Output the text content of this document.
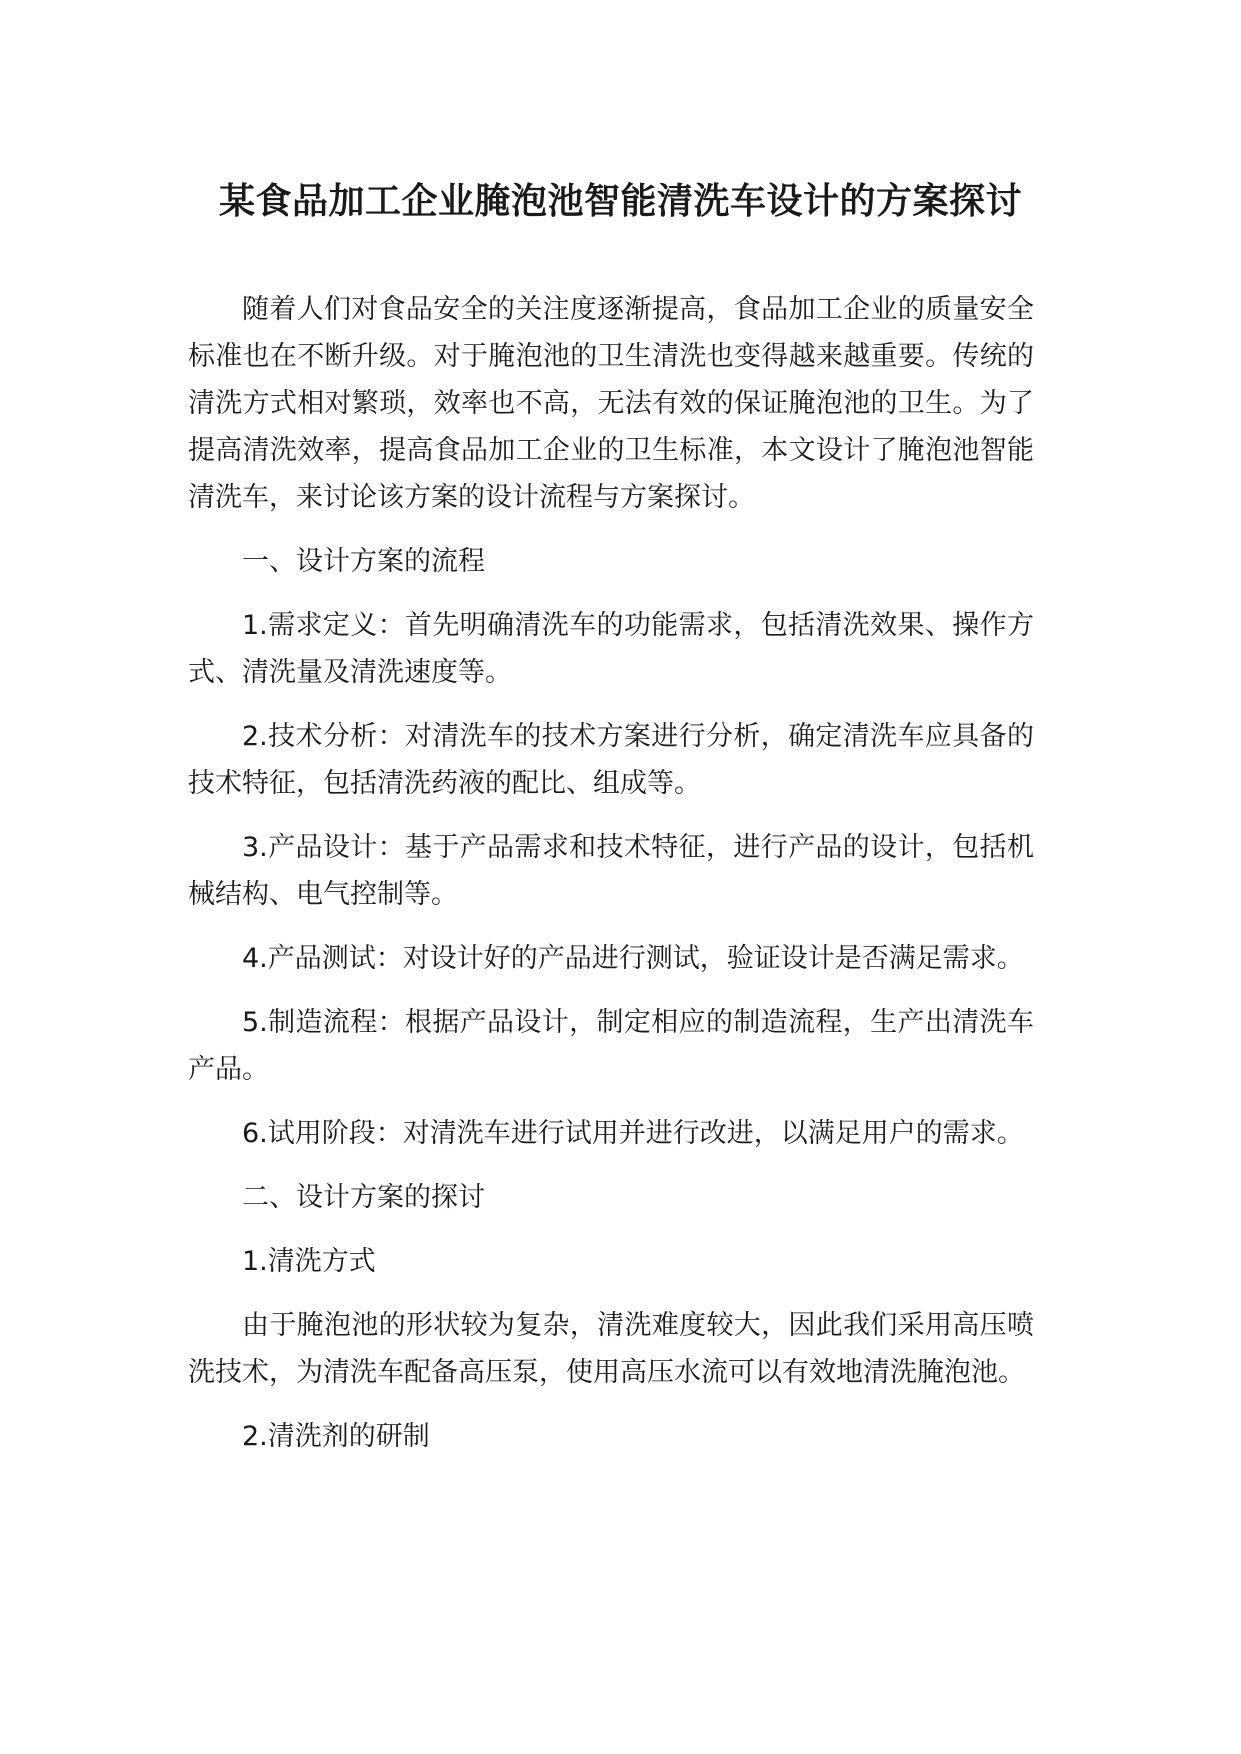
某食品加工企业腌泡池智能清洗车设计的方案探讨

随着人们对食品安全的关注度逐渐提高，食品加工企业的质量安全标准也在不断升级。对于腌泡池的卫生清洗也变得越来越重要。传统的清洗方式相对繁琐，效率也不高，无法有效的保证腌泡池的卫生。为了提高清洗效率，提高食品加工企业的卫生标准，本文设计了腌泡池智能清洗车，来讨论该方案的设计流程与方案探讨。

一、设计方案的流程

1.需求定义：首先明确清洗车的功能需求，包括清洗效果、操作方式、清洗量及清洗速度等。

2.技术分析：对清洗车的技术方案进行分析，确定清洗车应具备的技术特征，包括清洗药液的配比、组成等。

3.产品设计：基于产品需求和技术特征，进行产品的设计，包括机械结构、电气控制等。

4.产品测试：对设计好的产品进行测试，验证设计是否满足需求。

5.制造流程：根据产品设计，制定相应的制造流程，生产出清洗车产品。

6.试用阶段：对清洗车进行试用并进行改进，以满足用户的需求。

二、设计方案的探讨

1.清洗方式

由于腌泡池的形状较为复杂，清洗难度较大，因此我们采用高压喷洗技术，为清洗车配备高压泵，使用高压水流可以有效地清洗腌泡池。

2.清洗剂的研制
